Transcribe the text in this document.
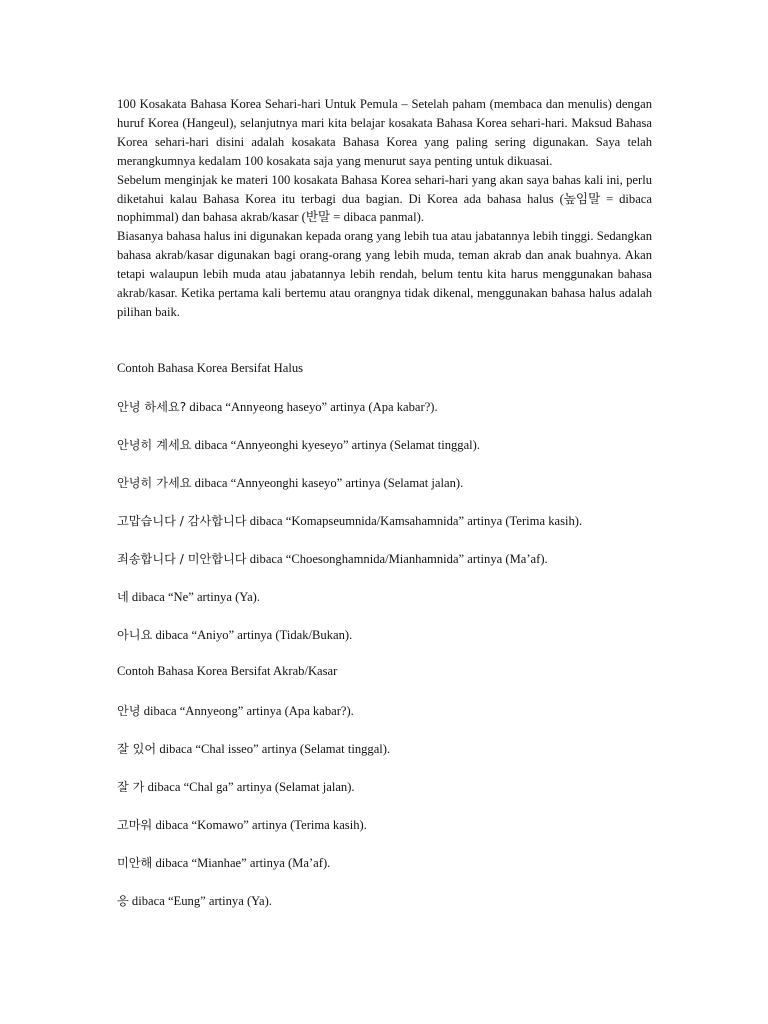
100 Kosakata Bahasa Korea Sehari-hari Untuk Pemula – Setelah paham (membaca dan menulis) dengan huruf Korea (Hangeul), selanjutnya mari kita belajar kosakata Bahasa Korea sehari-hari. Maksud Bahasa Korea sehari-hari disini adalah kosakata Bahasa Korea yang paling sering digunakan. Saya telah merangkumnya kedalam 100 kosakata saja yang menurut saya penting untuk dikuasai.

Sebelum menginjak ke materi 100 kosakata Bahasa Korea sehari-hari yang akan saya bahas kali ini, perlu diketahui kalau Bahasa Korea itu terbagi dua bagian. Di Korea ada bahasa halus (높임말 = dibaca nophimmal) dan bahasa akrab/kasar (반말 = dibaca panmal).

Biasanya bahasa halus ini digunakan kepada orang yang lebih tua atau jabatannya lebih tinggi. Sedangkan bahasa akrab/kasar digunakan bagi orang-orang yang lebih muda, teman akrab dan anak buahnya. Akan tetapi walaupun lebih muda atau jabatannya lebih rendah, belum tentu kita harus menggunakan bahasa akrab/kasar. Ketika pertama kali bertemu atau orangnya tidak dikenal, menggunakan bahasa halus adalah pilihan baik.

Contoh Bahasa Korea Bersifat Halus
안녕 하세요? dibaca “Annyeong haseyo” artinya (Apa kabar?).
안녕히 계세요 dibaca “Annyeonghi kyeseyo” artinya (Selamat tinggal).
안녕히 가세요 dibaca “Annyeonghi kaseyo” artinya (Selamat jalan).
고맙습니다 / 감사합니다 dibaca “Komapseumnida/Kamsahamnida” artinya (Terima kasih).
죄송합니다 / 미안합니다 dibaca “Choesonghamnida/Mianhamnida” artinya (Ma’af).
네 dibaca “Ne” artinya (Ya).
아니요 dibaca “Aniyo” artinya (Tidak/Bukan).
Contoh Bahasa Korea Bersifat Akrab/Kasar
안녕 dibaca “Annyeong” artinya (Apa kabar?).
잘 있어 dibaca “Chal isseo” artinya (Selamat tinggal).
잘 가 dibaca “Chal ga” artinya (Selamat jalan).
고마워 dibaca “Komawo” artinya (Terima kasih).
미안해 dibaca “Mianhae” artinya (Ma’af).
응 dibaca “Eung” artinya (Ya).
